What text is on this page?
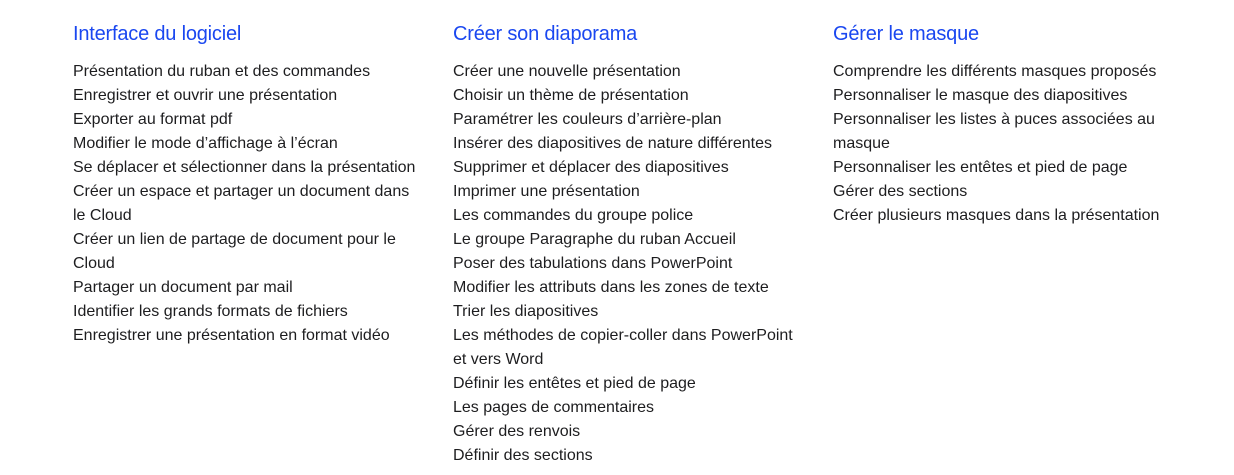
Interface du logiciel
Présentation du ruban et des commandes
Enregistrer et ouvrir une présentation
Exporter au format pdf
Modifier le mode d’affichage à l’écran
Se déplacer et sélectionner dans la présentation
Créer un espace et partager un document dans le Cloud
Créer un lien de partage de document pour le Cloud
Partager un document par mail
Identifier les grands formats de fichiers
Enregistrer une présentation en format vidéo
Créer son diaporama
Créer une nouvelle présentation
Choisir un thème de présentation
Paramétrer les couleurs d’arrière-plan
Insérer des diapositives de nature différentes
Supprimer et déplacer des diapositives
Imprimer une présentation
Les commandes du groupe police
Le groupe Paragraphe du ruban Accueil
Poser des tabulations dans PowerPoint
Modifier les attributs dans les zones de texte
Trier les diapositives
Les méthodes de copier-coller dans PowerPoint et vers Word
Définir les entêtes et pied de page
Les pages de commentaires
Gérer des renvois
Définir des sections
Gérer le masque
Comprendre les différents masques proposés
Personnaliser le masque des diapositives
Personnaliser les listes à puces associées au masque
Personnaliser les entêtes et pied de page
Gérer des sections
Créer plusieurs masques dans la présentation
